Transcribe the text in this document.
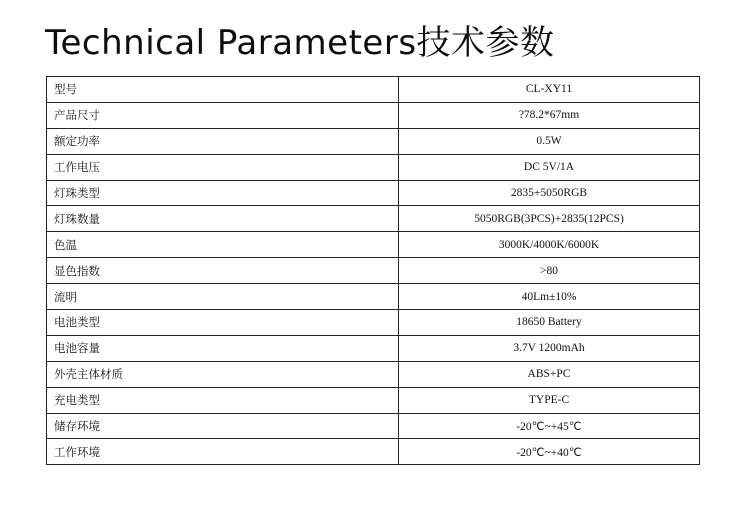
Technical Parameters技术参数
型号	CL-XY11
产品尺寸	?78.2*67mm
额定功率	0.5W
工作电压	DC 5V/1A
灯珠类型	2835+5050RGB
灯珠数量	5050RGB(3PCS)+2835(12PCS)
色温	3000K/4000K/6000K
显色指数	>80
流明	40Lm±10%
电池类型	18650 Battery
电池容量	3.7V 1200mAh
外壳主体材质	ABS+PC
充电类型	TYPE-C
储存环境	-20℃~+45℃
工作环境	-20℃~+40℃
